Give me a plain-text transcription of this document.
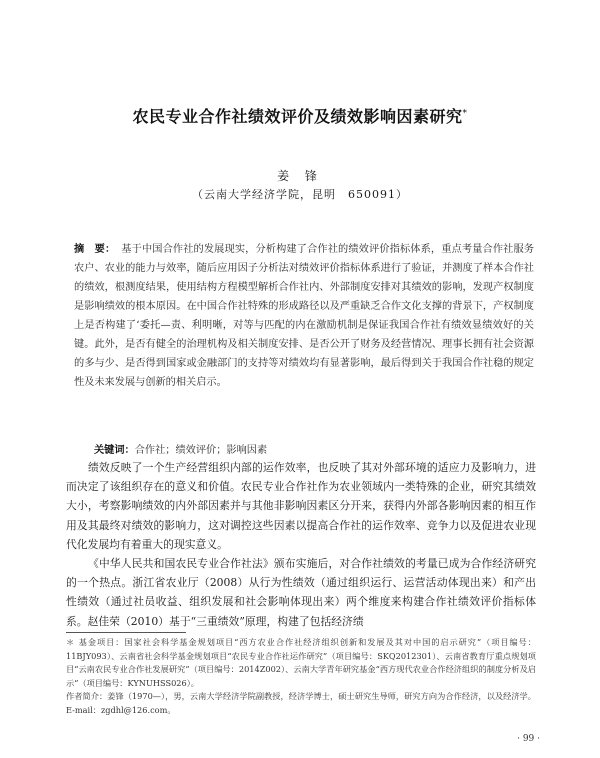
农民专业合作社绩效评价及绩效影响因素研究*
姜 锋
（云南大学经济学院，昆明　650091）
摘　要： 基于中国合作社的发展现实，分析构建了合作社的绩效评价指标体系，重点考量合作社服务农户、农业的能力与效率，随后应用因子分析法对绩效评价指标体系进行了验证，并测度了样本合作社的绩效，根测度结果，使用结构方程模型解析合作社内、外部制度安排对其绩效的影响，发现产权制度是影响绩效的根本原因。在中国合作社特殊的形成路径以及严重缺乏合作文化支撑的背景下，产权制度上是否构建了‘委托—责、利明晰，对等与匹配的内在激励机制是保证我国合作社有绩效显绩效好的关键。此外，是否有健全的治理机构及相关制度安排、是否公开了财务及经营情况、理事长拥有社会资源的多与少、是否得到国家或金融部门的支持等对绩效均有显著影响，最后得到关于我国合作社稳的规定性及未来发展与创新的相关启示。
关键词：合作社；绩效评价；影响因素

绩效反映了一个生产经营组织内部的运作效率，也反映了其对外部环境的适应力及影响力，进而决定了该组织存在的意义和价值。农民专业合作社作为农业领域内一类特殊的企业，研究其绩效大小，考察影响绩效的内外部因素并与其他非影响因素区分开来，获得内外部各影响因素的相互作用及其最终对绩效的影响力，这对调控这些因素以提高合作社的运作效率、竞争力以及促进农业现代化发展均有着重大的现实意义。

《中华人民共和国农民专业合作社法》颁布实施后，对合作社绩效的考量已成为合作经济研究的一个热点。浙江省农业厅（2008）从行为性绩效（通过组织运行、运营活动体现出来）和产出性绩效（通过社员收益、组织发展和社会影响体现出来）两个维度来构建合作社绩效评价指标体系。赵佳荣（2010）基于“三重绩效”原理，构建了包括经济绩

＊ 基金项目：国家社会科学基金规划项目“西方农业合作社经济组织创新和发展及其对中国的启示研究”（项目编号：11BJY093）、云南省社会科学基金规划项目“农民专业合作社运作研究”（项目编号：SKQ2012301）、云南省教育厅重点规划项目“云南农民专业合作社发展研究”（项目编号：2014Z002）、云南大学青年研究基金“西方现代农业合作经济组织的制度分析及启示”（项目编号：KYNUHSS026）。

作者简介：姜锋（1970—），男，云南大学经济学院副教授，经济学博士，硕士研究生导师，研究方向为合作经济，以及经济学。E-mail：zgdhl@126.com。

· 99 ·
